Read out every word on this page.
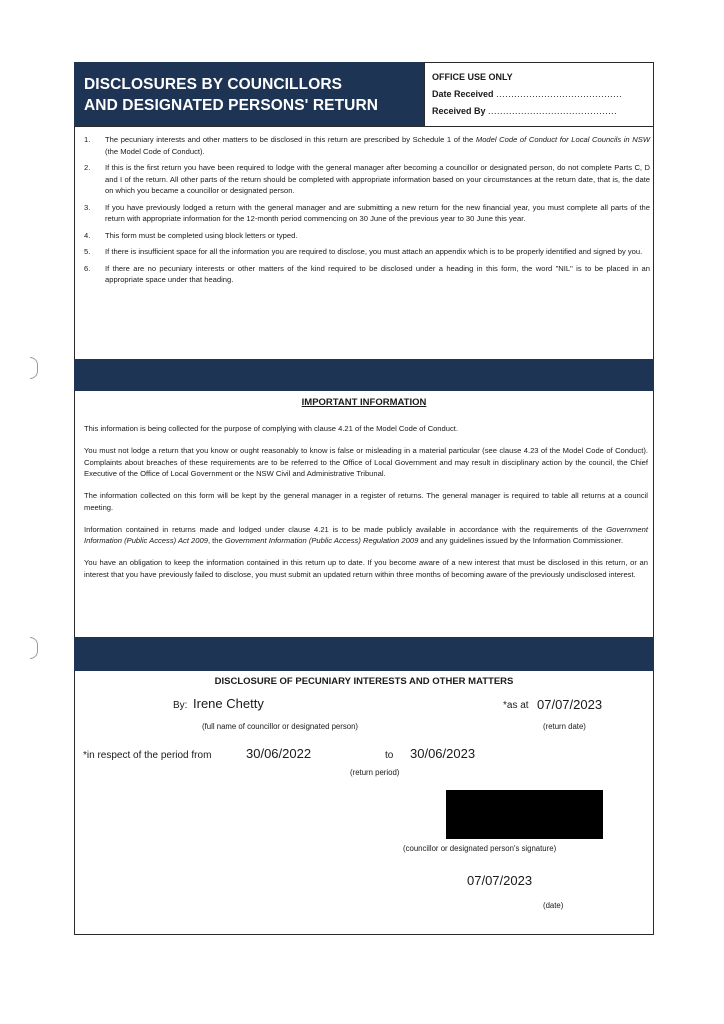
DISCLOSURES BY COUNCILLORS
AND DESIGNATED PERSONS' RETURN
OFFICE USE ONLY
Date Received ..........................................
Received By ...........................................
1.	The pecuniary interests and other matters to be disclosed in this return are prescribed by Schedule 1 of the Model Code of Conduct for Local Councils in NSW (the Model Code of Conduct).
2.	If this is the first return you have been required to lodge with the general manager after becoming a councillor or designated person, do not complete Parts C, D and I of the return. All other parts of the return should be completed with appropriate information based on your circumstances at the return date, that is, the date on which you became a councillor or designated person.
3.	If you have previously lodged a return with the general manager and are submitting a new return for the new financial year, you must complete all parts of the return with appropriate information for the 12-month period commencing on 30 June of the previous year to 30 June this year.
4.	This form must be completed using block letters or typed.
5.	If there is insufficient space for all the information you are required to disclose, you must attach an appendix which is to be properly identified and signed by you.
6.	If there are no pecuniary interests or other matters of the kind required to be disclosed under a heading in this form, the word "NIL" is to be placed in an appropriate space under that heading.
IMPORTANT INFORMATION

This information is being collected for the purpose of complying with clause 4.21 of the Model Code of Conduct.

You must not lodge a return that you know or ought reasonably to know is false or misleading in a material particular (see clause 4.23 of the Model Code of Conduct). Complaints about breaches of these requirements are to be referred to the Office of Local Government and may result in disciplinary action by the council, the Chief Executive of the Office of Local Government or the NSW Civil and Administrative Tribunal.

The information collected on this form will be kept by the general manager in a register of returns. The general manager is required to table all returns at a council meeting.

Information contained in returns made and lodged under clause 4.21 is to be made publicly available in accordance with the requirements of the Government Information (Public Access) Act 2009, the Government Information (Public Access) Regulation 2009 and any guidelines issued by the Information Commissioner.

You have an obligation to keep the information contained in this return up to date. If you become aware of a new interest that must be disclosed in this return, or an interest that you have previously failed to disclose, you must submit an updated return within three months of becoming aware of the previously undisclosed interest.

DISCLOSURE OF PECUNIARY INTERESTS AND OTHER MATTERS
By: Irene Chetty
(full name of councillor or designated person)
*as at 07/07/2023
(return date)
*in respect of the period from	30/06/2022	to 30/06/2023
(return period)
(councillor or designated person's signature)
07/07/2023
(date)
